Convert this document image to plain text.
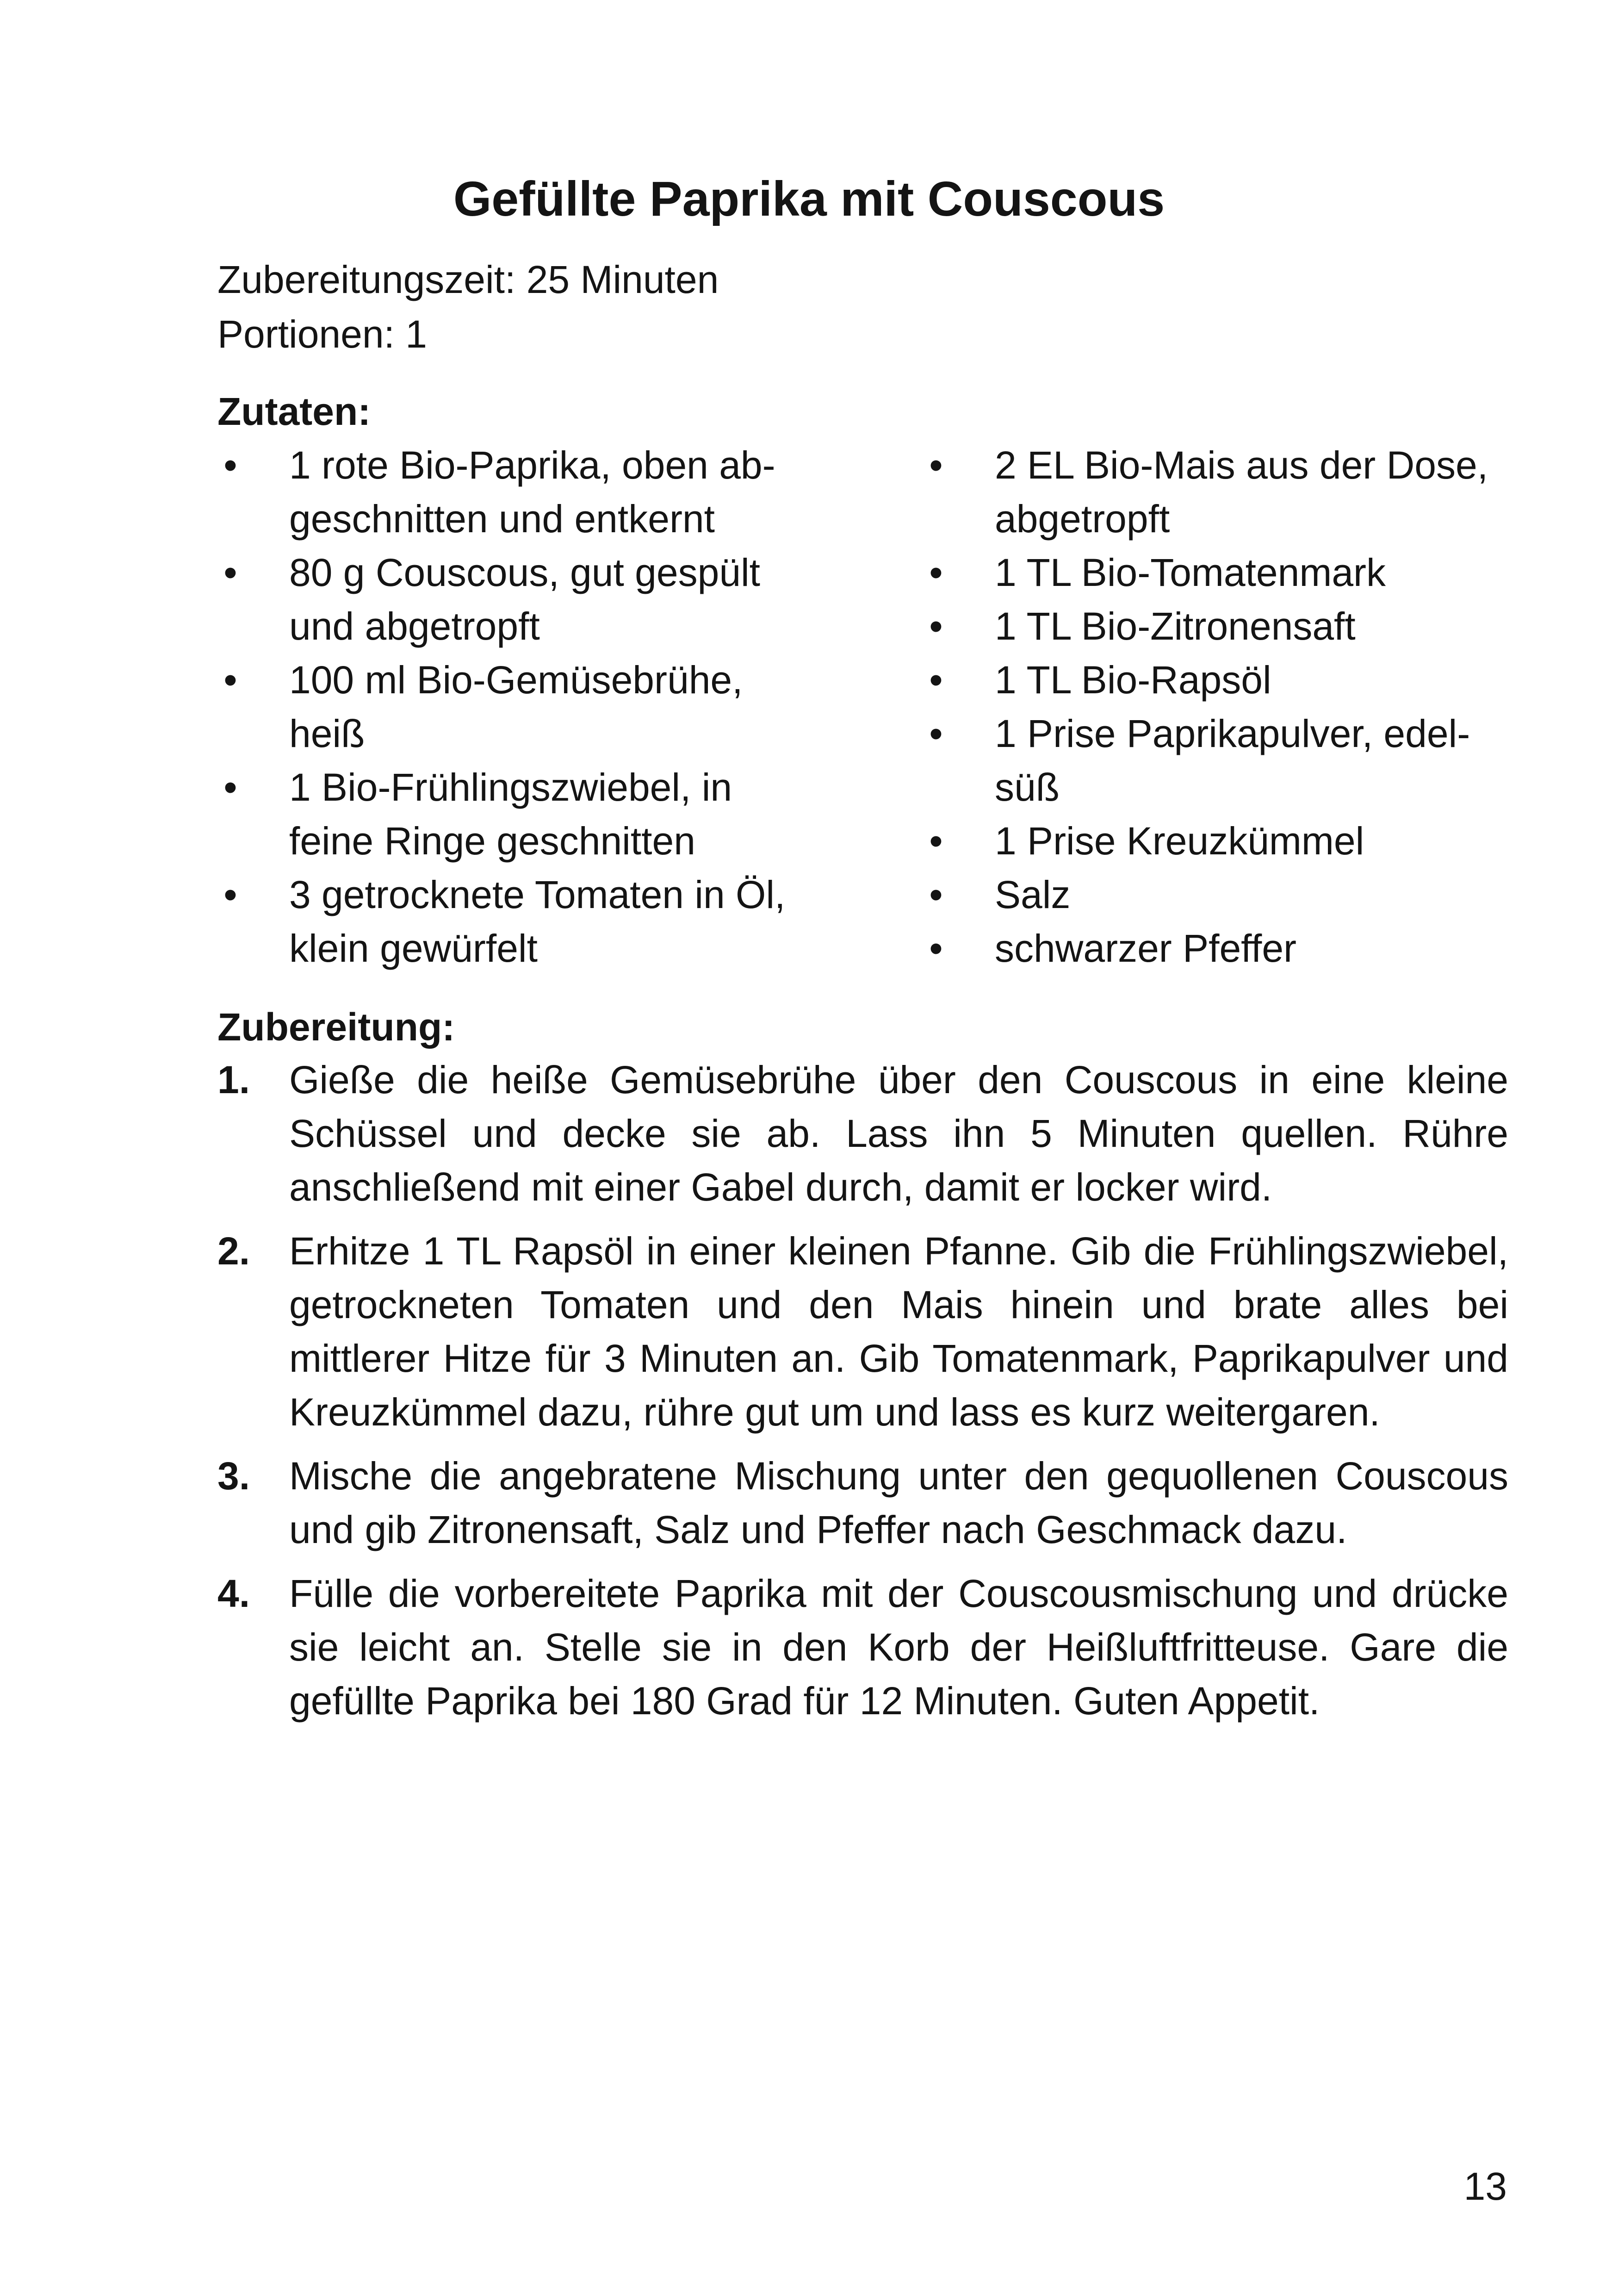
Gefüllte Paprika mit Couscous
Zubereitungszeit: 25 Minuten
Portionen: 1
Zutaten:
• 1 rote Bio-Paprika, oben ab-
geschnitten und entkernt
• 80 g Couscous, gut gespült
und abgetropft
• 100 ml Bio-Gemüsebrühe,
heiß
• 1 Bio-Frühlingszwiebel, in
feine Ringe geschnitten
• 3 getrocknete Tomaten in Öl,
klein gewürfelt
• 2 EL Bio-Mais aus der Dose,
abgetropft
• 1 TL Bio-Tomatenmark
• 1 TL Bio-Zitronensaft
• 1 TL Bio-Rapsöl
• 1 Prise Paprikapulver, edel-
süß
• 1 Prise Kreuzkümmel
• Salz
• schwarzer Pfeffer
Zubereitung:
1. Gieße die heiße Gemüsebrühe über den Couscous in eine kleine Schüssel und decke sie ab. Lass ihn 5 Minuten quellen. Rühre anschließend mit einer Gabel durch, damit er locker wird.
2. Erhitze 1 TL Rapsöl in einer kleinen Pfanne. Gib die Frühlingszwiebel, getrockneten Tomaten und den Mais hinein und brate alles bei mittlerer Hitze für 3 Minuten an. Gib Tomatenmark, Paprikapulver und Kreuzkümmel dazu, rühre gut um und lass es kurz weitergaren.
3. Mische die angebratene Mischung unter den gequollenen Couscous und gib Zitronensaft, Salz und Pfeffer nach Geschmack dazu.
4. Fülle die vorbereitete Paprika mit der Couscousmischung und drücke sie leicht an. Stelle sie in den Korb der Heißluftfritteuse. Gare die gefüllte Paprika bei 180 Grad für 12 Minuten. Guten Appetit.
13
